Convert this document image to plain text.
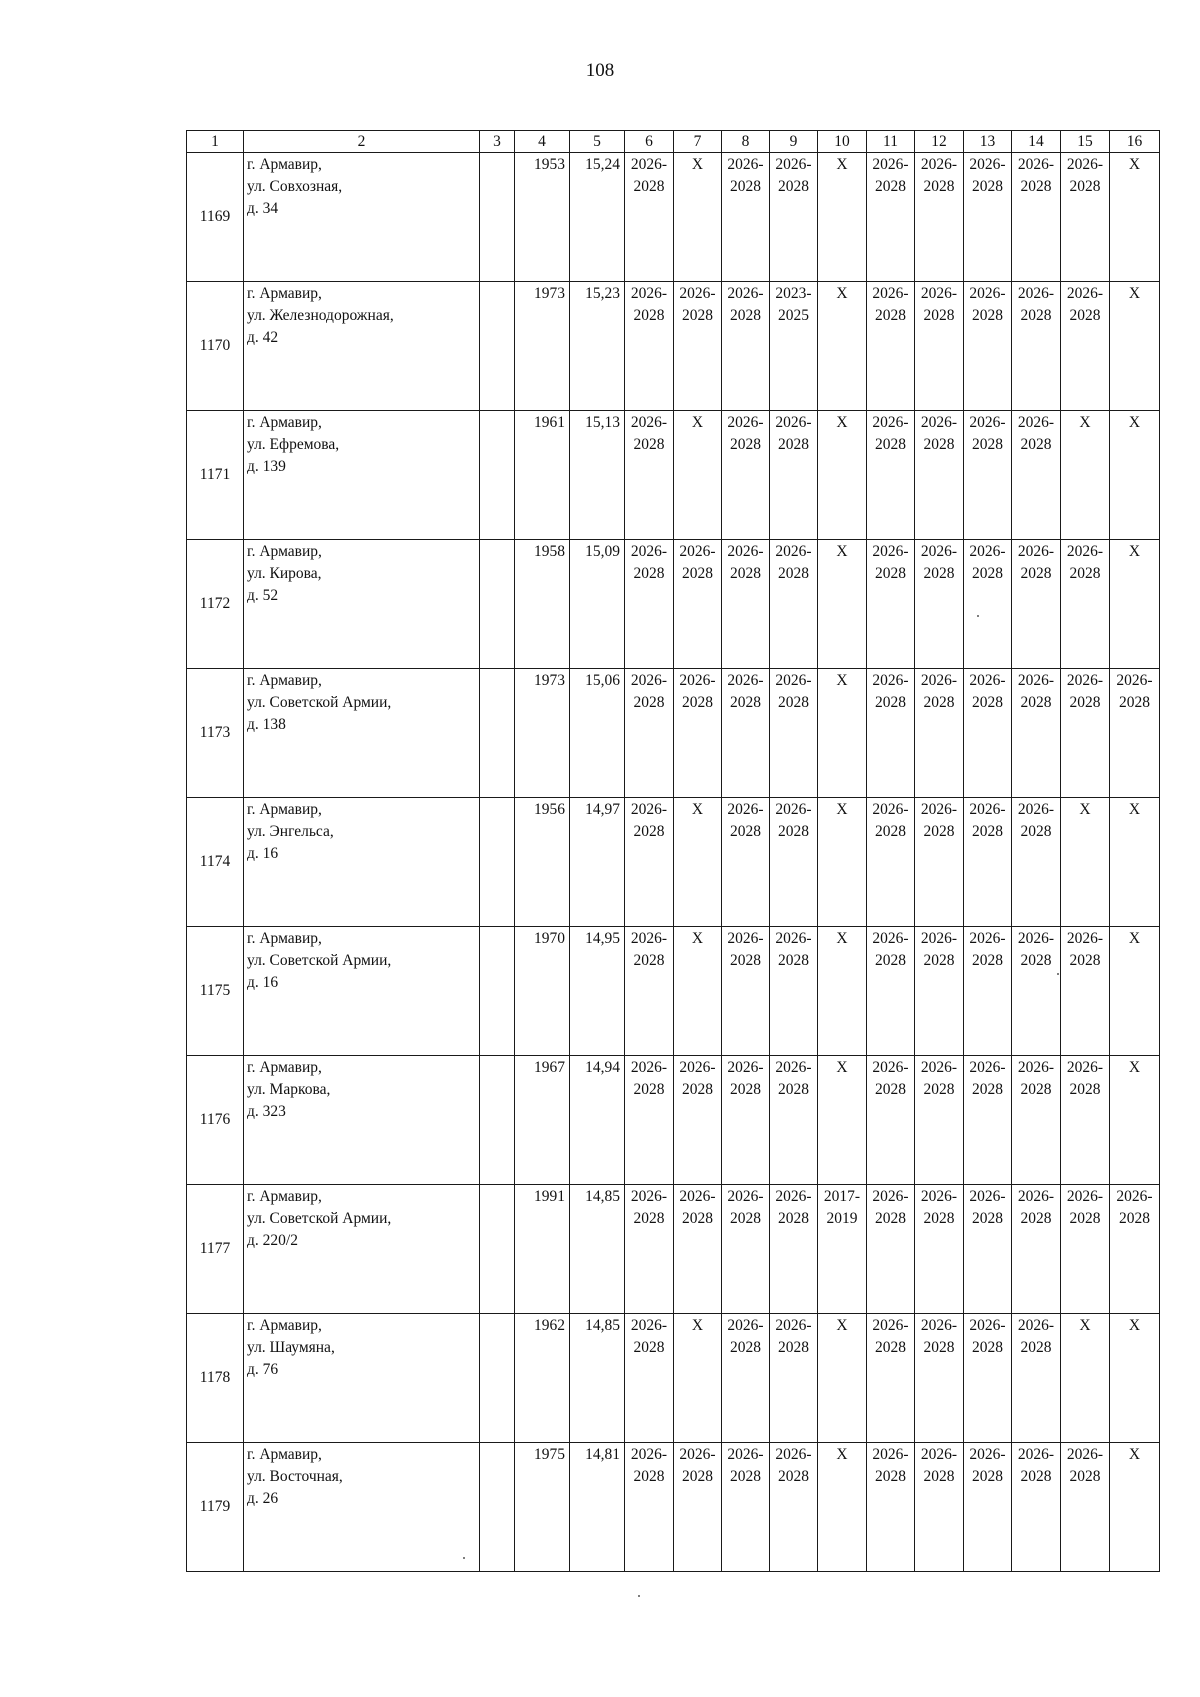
108
1	2	3	4	5	6	7	8	9	10	11	12	13	14	15	16
1169	г. Армавир,
ул. Совхозная,
д. 34		1953	15,24	2026-
2028	X	2026-
2028	2026-
2028	X	2026-
2028	2026-
2028	2026-
2028	2026-
2028	2026-
2028	X
1170	г. Армавир,
ул. Железнодорожная,
д. 42		1973	15,23	2026-
2028	2026-
2028	2026-
2028	2023-
2025	X	2026-
2028	2026-
2028	2026-
2028	2026-
2028	2026-
2028	X
1171	г. Армавир,
ул. Ефремова,
д. 139		1961	15,13	2026-
2028	X	2026-
2028	2026-
2028	X	2026-
2028	2026-
2028	2026-
2028	2026-
2028	X	X
1172	г. Армавир,
ул. Кирова,
д. 52		1958	15,09	2026-
2028	2026-
2028	2026-
2028	2026-
2028	X	2026-
2028	2026-
2028	2026-
2028	2026-
2028	2026-
2028	X
1173	г. Армавир,
ул. Советской Армии,
д. 138		1973	15,06	2026-
2028	2026-
2028	2026-
2028	2026-
2028	X	2026-
2028	2026-
2028	2026-
2028	2026-
2028	2026-
2028	2026-
2028

1174	г. Армавир,
ул. Энгельса,
д. 16		1956	14,97	2026-
2028	X	2026-
2028	2026-
2028	X	2026-
2028	2026-
2028	2026-
2028	2026-
2028	X	X
1175	г. Армавир,
ул. Советской Армии,
д. 16		1970	14,95	2026-
2028	X	2026-
2028	2026-
2028	X	2026-
2028	2026-
2028	2026-
2028	2026-
2028	2026-
2028	X
1176	г. Армавир,
ул. Маркова,
д. 323		1967	14,94	2026-
2028	2026-
2028	2026-
2028	2026-
2028	X	2026-
2028	2026-
2028	2026-
2028	2026-
2028	2026-
2028	X
1177	г. Армавир,
ул. Советской Армии,
д. 220/2		1991	14,85	2026-
2028	2026-
2028	2026-
2028	2026-
2028	2017-
2019	2026-
2028	2026-
2028	2026-
2028	2026-
2028	2026-
2028	2026-
2028

1178	г. Армавир,
ул. Шаумяна,
д. 76		1962	14,85	2026-
2028	X	2026-
2028	2026-
2028	X	2026-
2028	2026-
2028	2026-
2028	2026-
2028	X	X
1179	г. Армавир,
ул. Восточная,
д. 26		1975	14,81	2026-
2028	2026-
2028	2026-
2028	2026-
2028	X	2026-
2028	2026-
2028	2026-
2028	2026-
2028	2026-
2028	X
